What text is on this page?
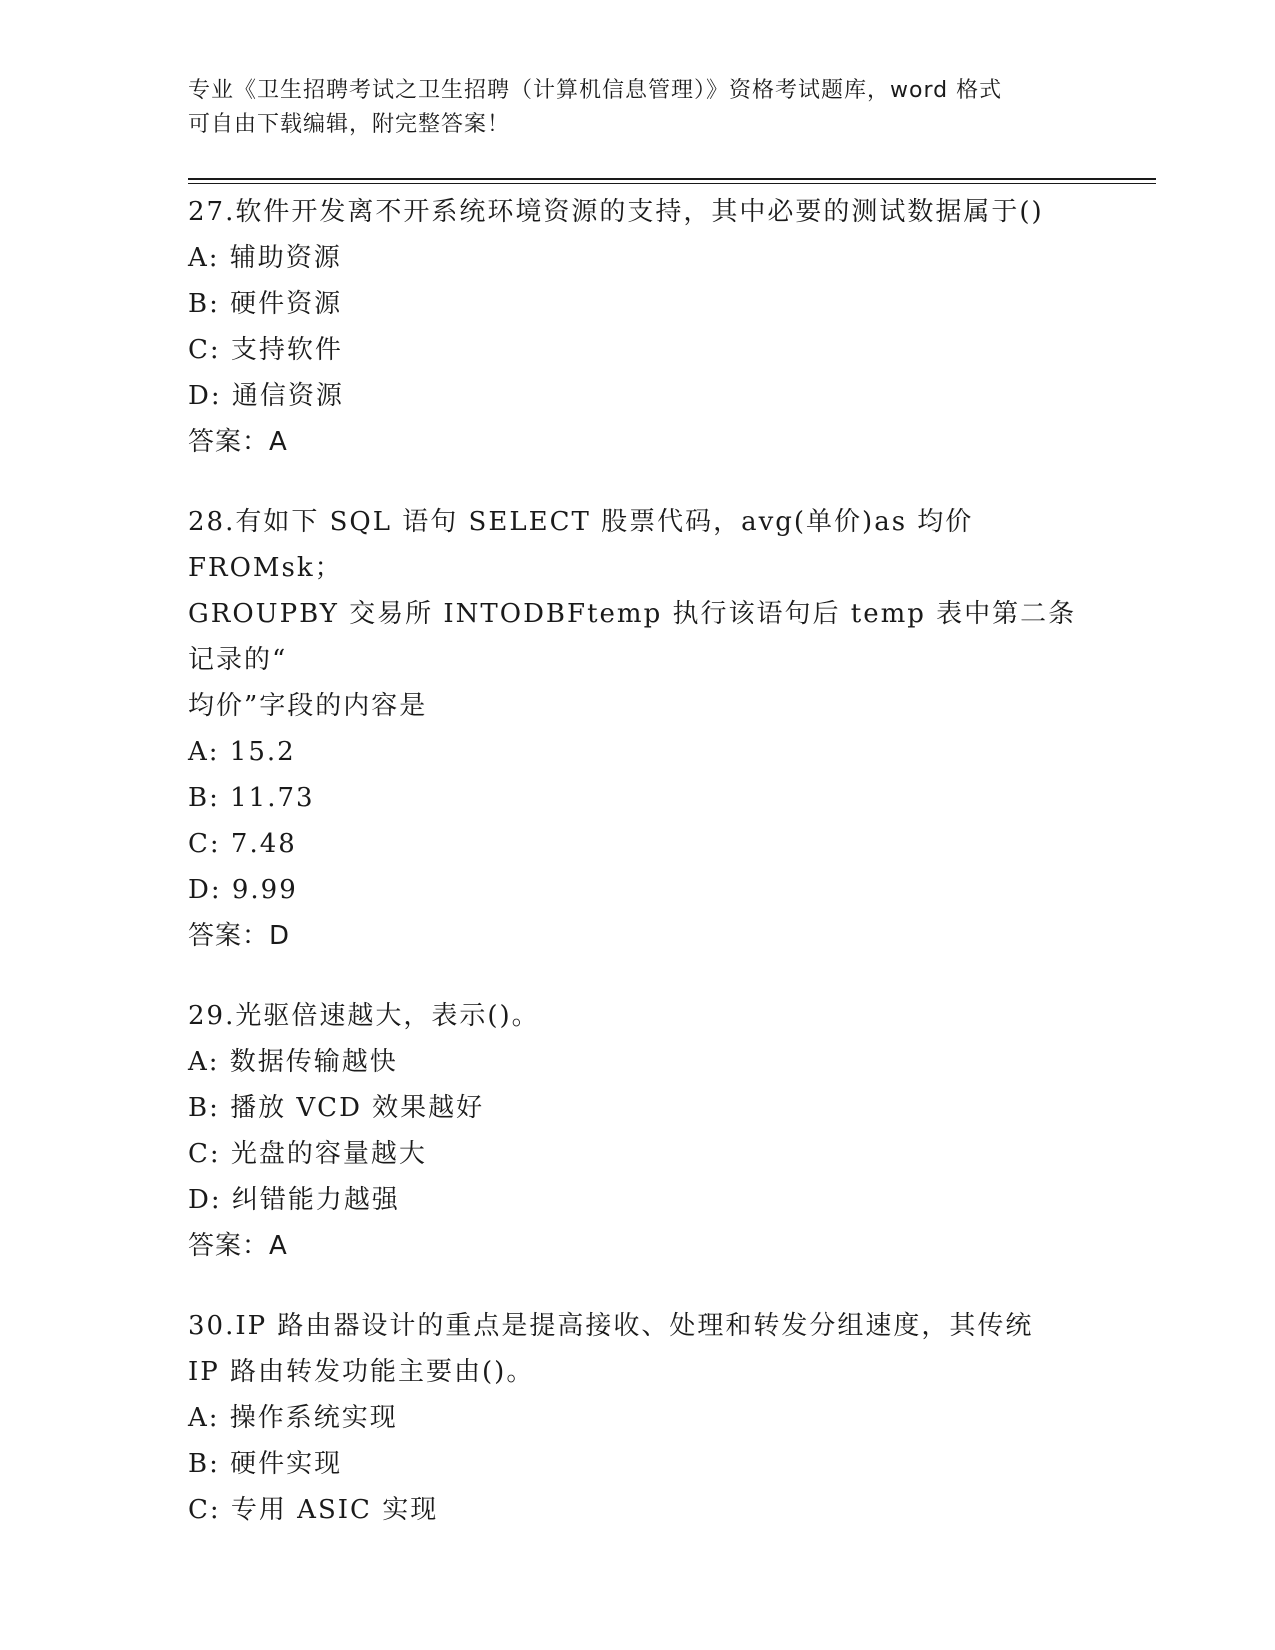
专业《卫生招聘考试之卫生招聘（计算机信息管理）》资格考试题库，word 格式
可自由下载编辑，附完整答案！
27.软件开发离不开系统环境资源的支持，其中必要的测试数据属于()
A: 辅助资源
B: 硬件资源
C: 支持软件
D: 通信资源
答案：A
28.有如下 SQL 语句 SELECT 股票代码，avg(单价)as 均价 FROMsk；
GROUPBY 交易所 INTODBFtemp 执行该语句后 temp 表中第二条记录的“
均价”字段的内容是
A: 15.2
B: 11.73
C: 7.48
D: 9.99
答案：D
29.光驱倍速越大，表示()。
A: 数据传输越快
B: 播放 VCD 效果越好
C: 光盘的容量越大
D: 纠错能力越强
答案：A
30.IP 路由器设计的重点是提高接收、处理和转发分组速度，其传统
IP 路由转发功能主要由()。
A: 操作系统实现
B: 硬件实现
C: 专用 ASIC 实现
